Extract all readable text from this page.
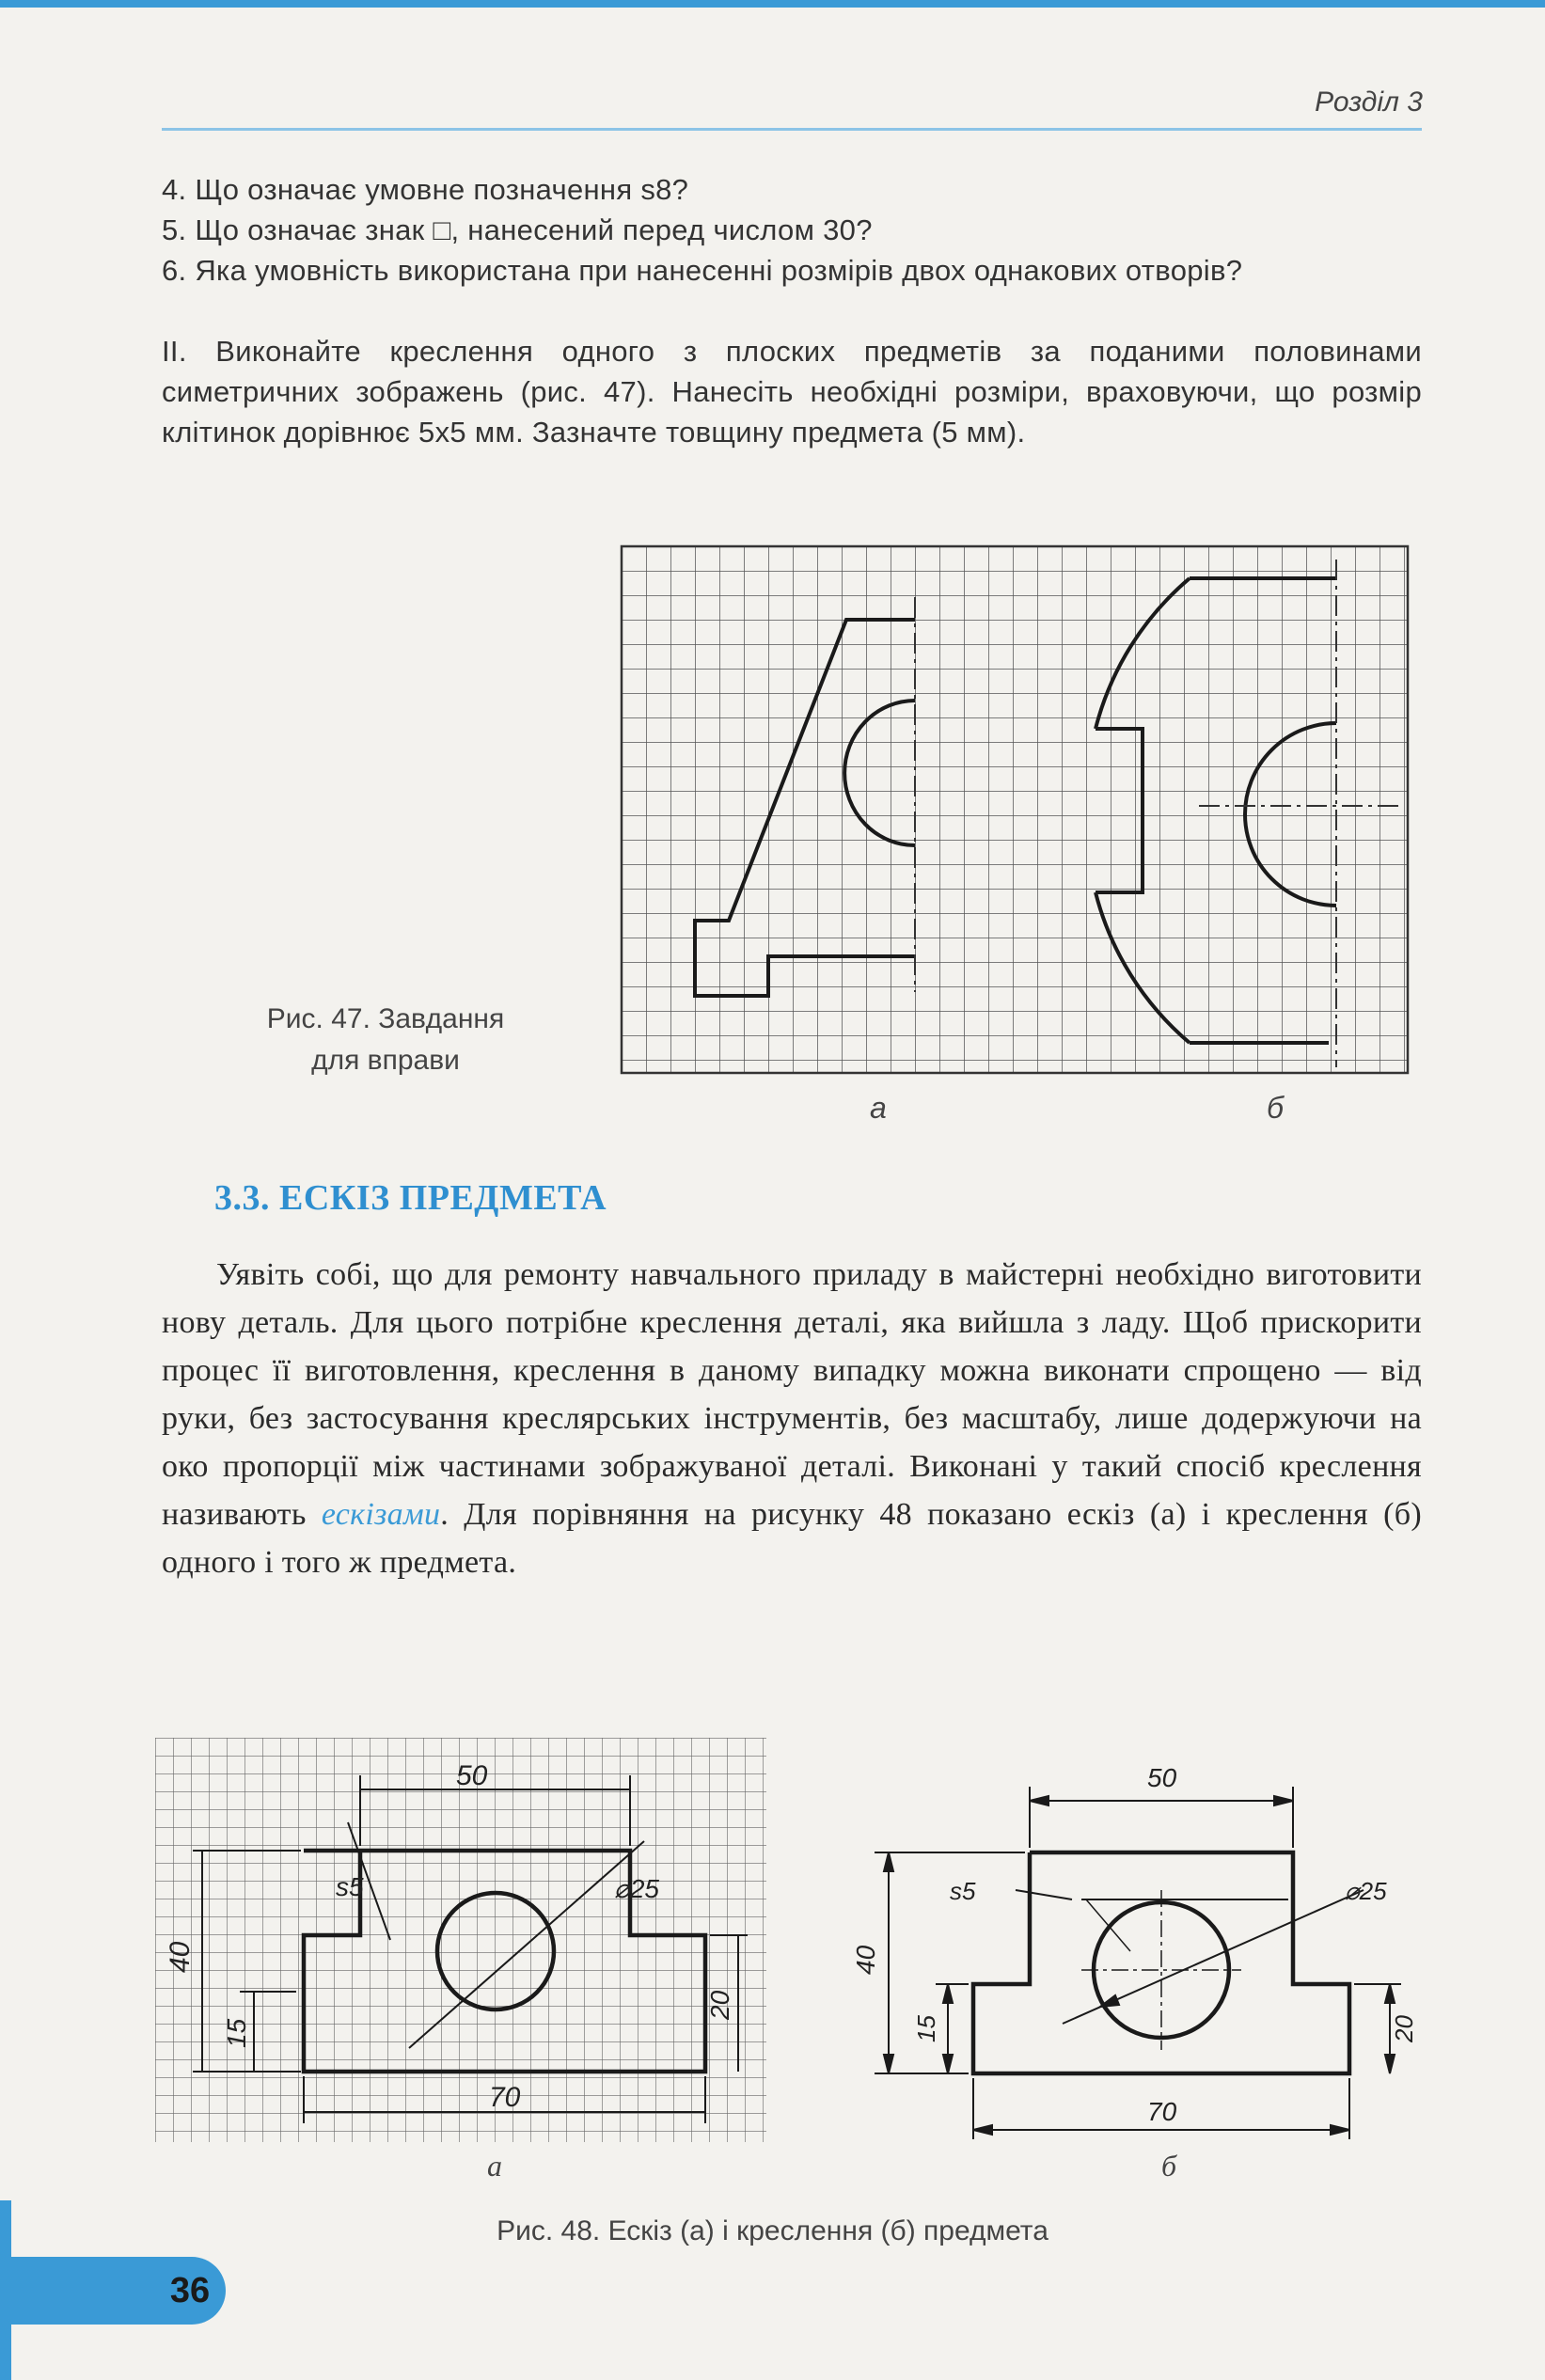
Розділ 3
4. Що означає умовне позначення s8?
5. Що означає знак □, нанесений перед числом 30?
6. Яка умовність використана при нанесенні розмірів двох однакових отворів?
II. Виконайте креслення одного з плоских предметів за поданими половинами симетричних зображень (рис. 47). Нанесіть необхідні розміри, враховуючи, що розмір клітинок дорівнює 5х5 мм. Зазначте товщину предмета (5 мм).
Рис. 47. Завдання
для вправи
а	б
3.3. ЕСКІЗ ПРЕДМЕТА
Уявіть собі, що для ремонту навчального приладу в майстерні необхідно виготовити нову деталь. Для цього потрібне креслення деталі, яка вийшла з ладу. Щоб прискорити процес її виготовлення, креслення в даному випадку можна виконати спрощено — від руки, без застосування креслярських інструментів, без масштабу, лише додержуючи на око пропорції між частинами зображуваної деталі. Виконані у такий спосіб креслення називають ескізами. Для порівняння на рисунку 48 показано ескіз (а) і креслення (б) одного і того ж предмета.
50
70
s5	⌀25
40
15
20
50
70
s5	⌀25
40
15	20
а	б
Рис. 48. Ескіз (а) і креслення (б) предмета
36
